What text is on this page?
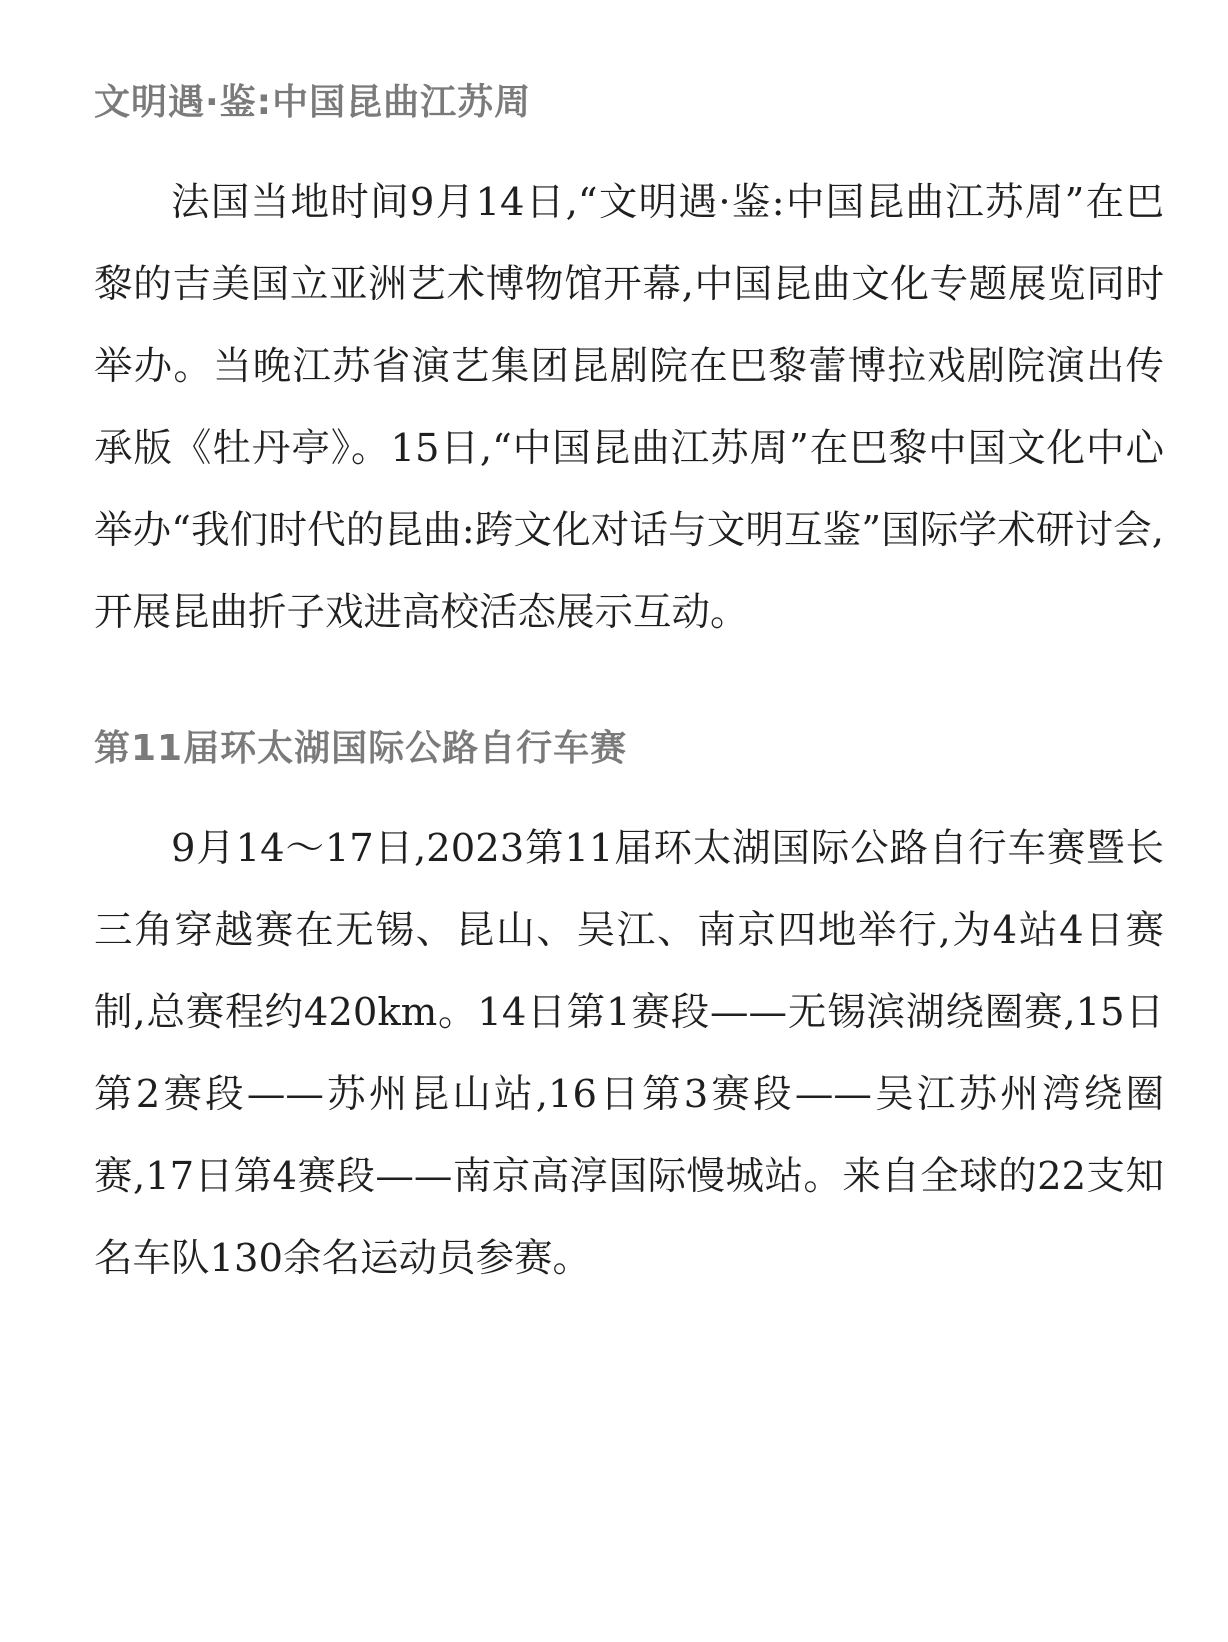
文明遇·鉴:中国昆曲江苏周

法国当地时间9月14日,“文明遇·鉴:中国昆曲江苏周”在巴黎的吉美国立亚洲艺术博物馆开幕,中国昆曲文化专题展览同时举办。当晚江苏省演艺集团昆剧院在巴黎蕾博拉戏剧院演出传承版《牡丹亭》。15日,“中国昆曲江苏周”在巴黎中国文化中心举办“我们时代的昆曲:跨文化对话与文明互鉴”国际学术研讨会,开展昆曲折子戏进高校活态展示互动。

第11届环太湖国际公路自行车赛

9月14～17日,2023第11届环太湖国际公路自行车赛暨长三角穿越赛在无锡、昆山、吴江、南京四地举行,为4站4日赛制,总赛程约420km。14日第1赛段——无锡滨湖绕圈赛,15日第2赛段——苏州昆山站,16日第3赛段——吴江苏州湾绕圈赛,17日第4赛段——南京高淳国际慢城站。来自全球的22支知名车队130余名运动员参赛。
